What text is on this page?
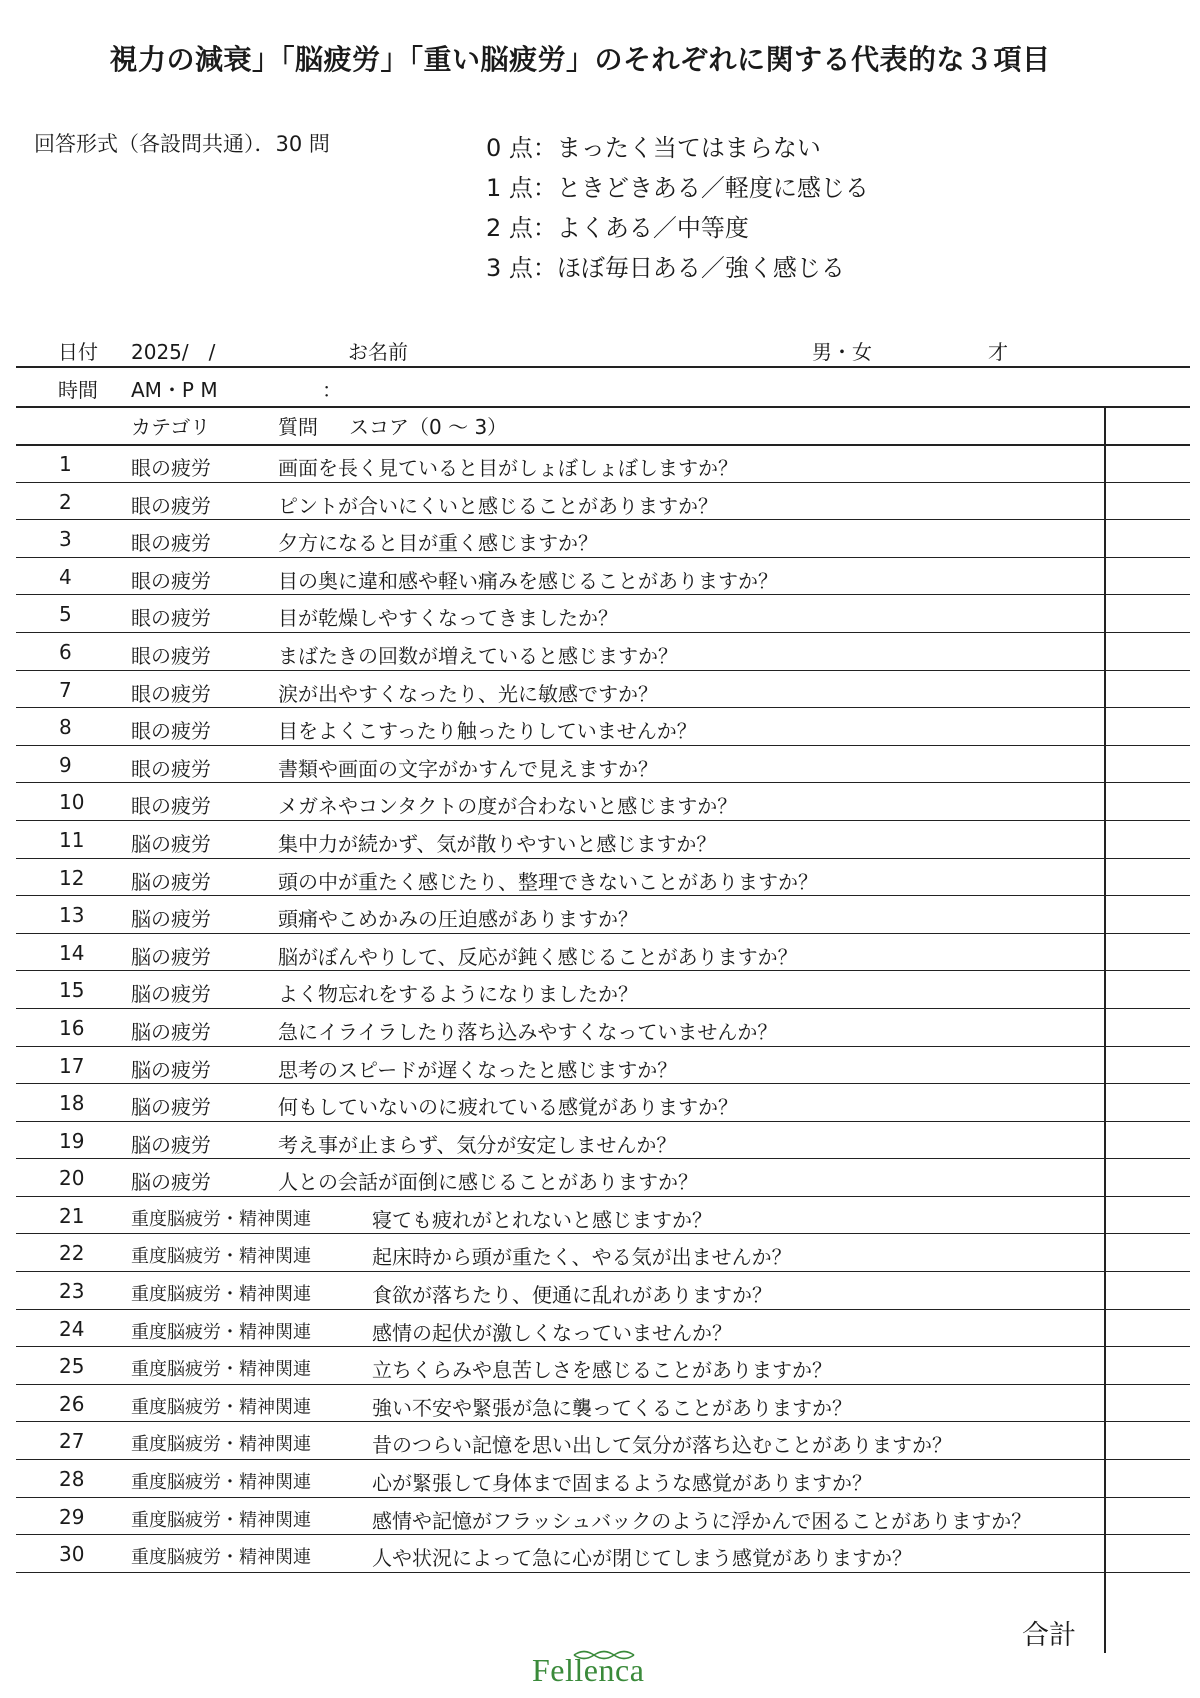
視力の減衰」「脳疲労」「重い脳疲労」のそれぞれに関する代表的な３項目
回答形式（各設問共通）．30 問	0 点：まったく当てはまらない
1 点：ときどきある／軽度に感じる
2 点：よくある／中等度
3 点：ほぼ毎日ある／強く感じる
日付 2025/　/	お名前	男・女	才
時間 AM・P M	：
カテゴリ	質問 スコア（0 ～ 3）
1	眼の疲労	画面を長く見ていると目がしょぼしょぼしますか？
2	眼の疲労	ピントが合いにくいと感じることがありますか？
3	眼の疲労	夕方になると目が重く感じますか？
4	眼の疲労	目の奥に違和感や軽い痛みを感じることがありますか？
5	眼の疲労	目が乾燥しやすくなってきましたか？
6	眼の疲労	まばたきの回数が増えていると感じますか？
7	眼の疲労	涙が出やすくなったり、光に敏感ですか？
8	眼の疲労	目をよくこすったり触ったりしていませんか？
9	眼の疲労	書類や画面の文字がかすんで見えますか？
10 眼の疲労	メガネやコンタクトの度が合わないと感じますか？
11 脳の疲労	集中力が続かず、気が散りやすいと感じますか？
12 脳の疲労	頭の中が重たく感じたり、整理できないことがありますか？
13 脳の疲労	頭痛やこめかみの圧迫感がありますか？
14 脳の疲労	脳がぼんやりして、反応が鈍く感じることがありますか？
15 脳の疲労	よく物忘れをするようになりましたか？
16 脳の疲労	急にイライラしたり落ち込みやすくなっていませんか？
17 脳の疲労	思考のスピードが遅くなったと感じますか？
18 脳の疲労	何もしていないのに疲れている感覚がありますか？
19 脳の疲労	考え事が止まらず、気分が安定しませんか？
20 脳の疲労	人との会話が面倒に感じることがありますか？
21	重度脳疲労・精神関連	寝ても疲れがとれないと感じますか？
22	重度脳疲労・精神関連	起床時から頭が重たく、やる気が出ませんか？
23	重度脳疲労・精神関連	食欲が落ちたり、便通に乱れがありますか？
24	重度脳疲労・精神関連	感情の起伏が激しくなっていませんか？
25	重度脳疲労・精神関連	立ちくらみや息苦しさを感じることがありますか？
26	重度脳疲労・精神関連	強い不安や緊張が急に襲ってくることがありますか？
27	重度脳疲労・精神関連	昔のつらい記憶を思い出して気分が落ち込むことがありますか？
28	重度脳疲労・精神関連	心が緊張して身体まで固まるような感覚がありますか？
29	重度脳疲労・精神関連	感情や記憶がフラッシュバックのように浮かんで困ることがありますか？
30	重度脳疲労・精神関連	人や状況によって急に心が閉じてしまう感覚がありますか？
合計
Fellenca
